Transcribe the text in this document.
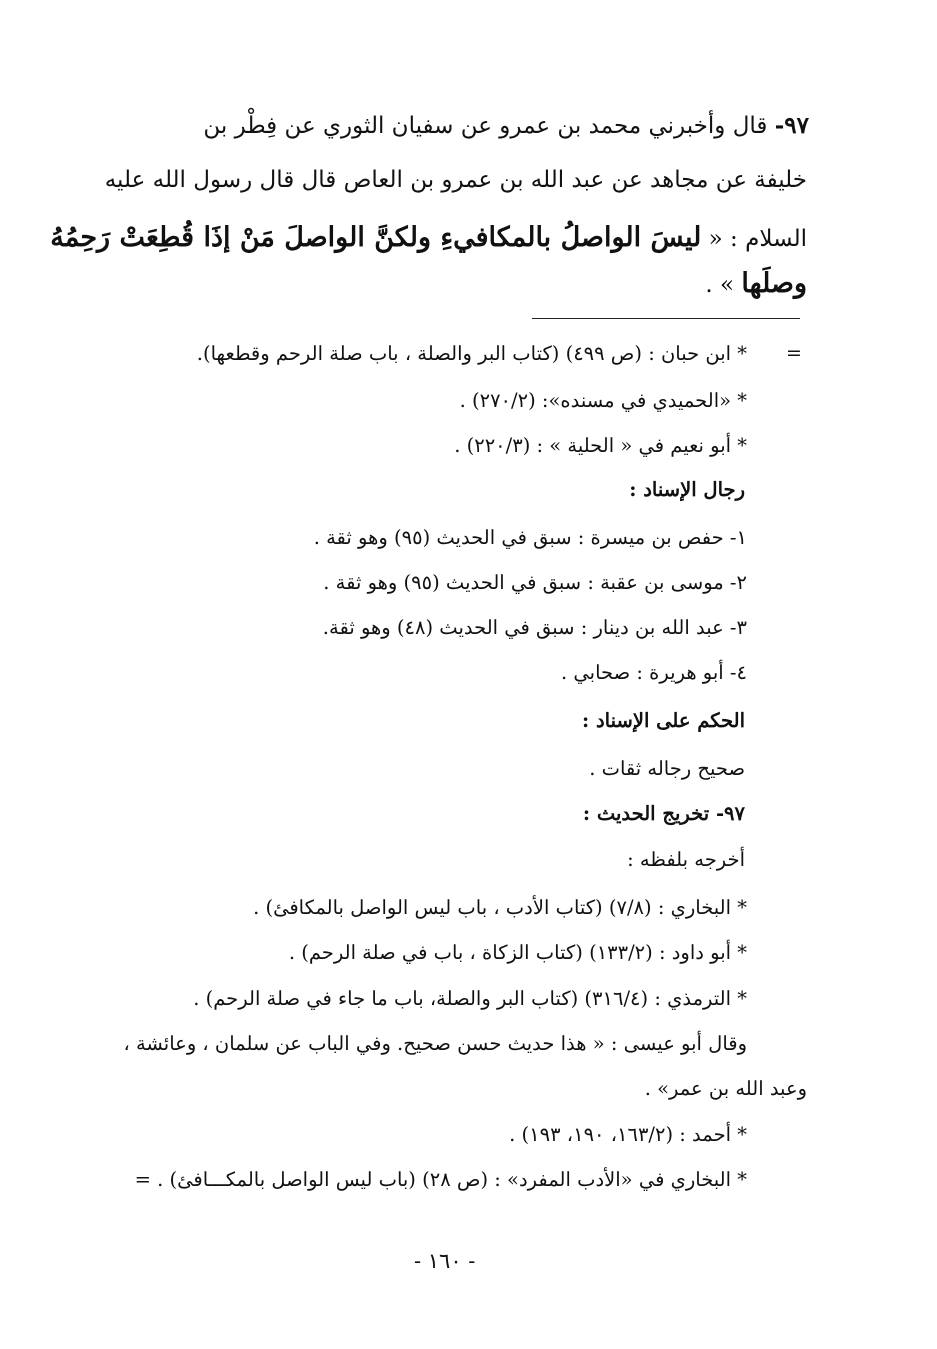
٩٧- قال وأخبرني محمد بن عمرو عن سفيان الثوري عن فِطْر بن
خليفة عن مجاهد عن عبد الله بن عمرو بن العاص قال قال رسول الله عليه
السلام : « ليسَ الواصلُ بالمكافيءِ ولكنَّ الواصلَ مَنْ إذَا قُطِعَتْ رَحِمُهُ
وصلَها » .
=
* ابن حبان : (ص ٤٩٩) (كتاب البر والصلة ، باب صلة الرحم وقطعها).
* «الحميدي في مسنده»: (٢٧٠/٢) .
* أبو نعيم في « الحلية » : (٢٢٠/٣) .
رجال الإسناد :
١- حفص بن ميسرة : سبق في الحديث (٩٥) وهو ثقة .
٢- موسى بن عقبة : سبق في الحديث (٩٥) وهو ثقة .
٣- عبد الله بن دينار : سبق في الحديث (٤٨) وهو ثقة.
٤- أبو هريرة : صحابي .
الحكم على الإسناد :
صحيح رجاله ثقات .
٩٧- تخريج الحديث :
أخرجه بلفظه :
* البخاري : (٧/٨) (كتاب الأدب ، باب ليس الواصل بالمكافئ) .
* أبو داود : (١٣٣/٢) (كتاب الزكاة ، باب في صلة الرحم) .
* الترمذي : (٣١٦/٤) (كتاب البر والصلة، باب ما جاء في صلة الرحم) .
وقال أبو عيسى : « هذا حديث حسن صحيح. وفي الباب عن سلمان ، وعائشة ،
وعبد الله بن عمر» .
* أحمد : (١٦٣/٢، ١٩٠، ١٩٣) .
* البخاري في «الأدب المفرد» : (ص ٢٨) (باب ليس الواصل بالمكـــافئ) . =
- ١٦٠ -
